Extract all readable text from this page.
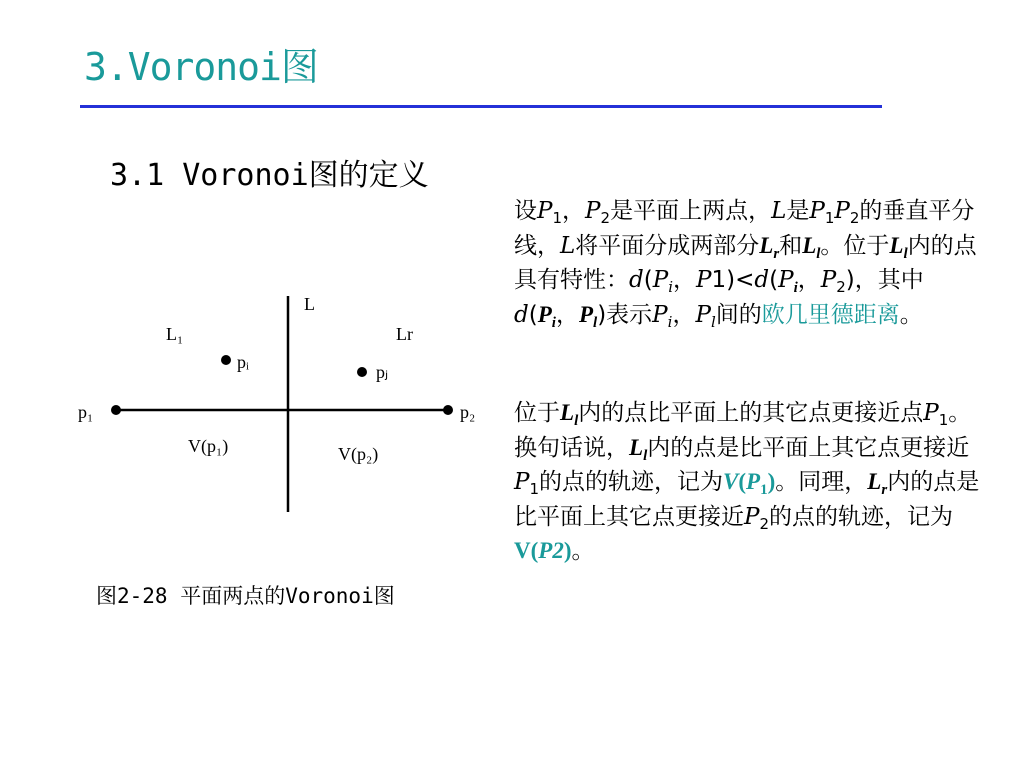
3.Voronoi图
3.1 Voronoi图的定义
L
L₁	Lr
pᵢ	pⱼ
p₁	p₂
V(p₁)	V(p₂)
图2-28 平面两点的Voronoi图

设$P_1$，$P_2$是平面上两点，L是$P_1P_2$的垂直平分线，L将平面分成两部分$L_r$和$L_l$。位于$L_l$内的点具有特性：$d(P_i$，$P1)<d(P_i$，$P_2$)，其中$d(P_i$，$P_l$)表示$P_i$，$P_l$间的欧几里德距离。

位于$L_l$内的点比平面上的其它点更接近点$P_1$。换句话说，$L_l$内的点是比平面上其它点更接近$P_1$的点的轨迹，记为$V(P_1)$。同理，$L_r$内的点是比平面上其它点更接近$P_2$的点的轨迹，记为V(P2)。
